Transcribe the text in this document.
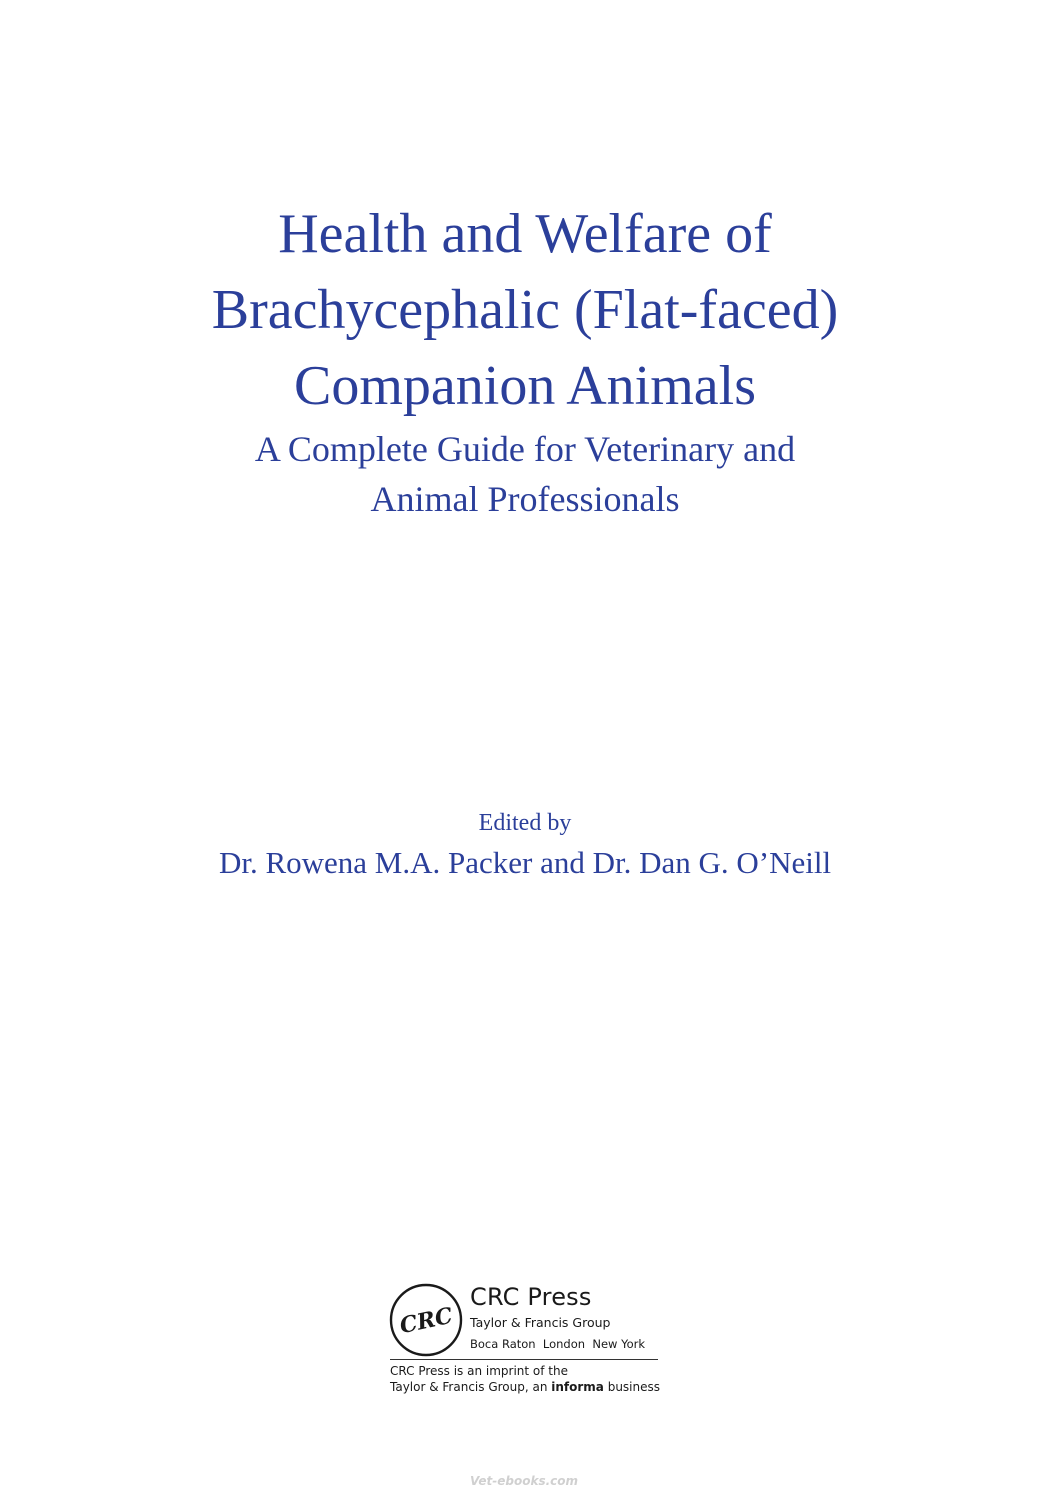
Health and Welfare of
Brachycephalic (Flat-faced)
Companion Animals
A Complete Guide for Veterinary and
Animal Professionals
Edited by
Dr. Rowena M.A. Packer and Dr. Dan G. O’Neill
CRC
CRC Press
Taylor & Francis Group
Boca Raton  London  New York
CRC Press is an imprint of the
Taylor & Francis Group, an informa business
Vet-ebooks.com
